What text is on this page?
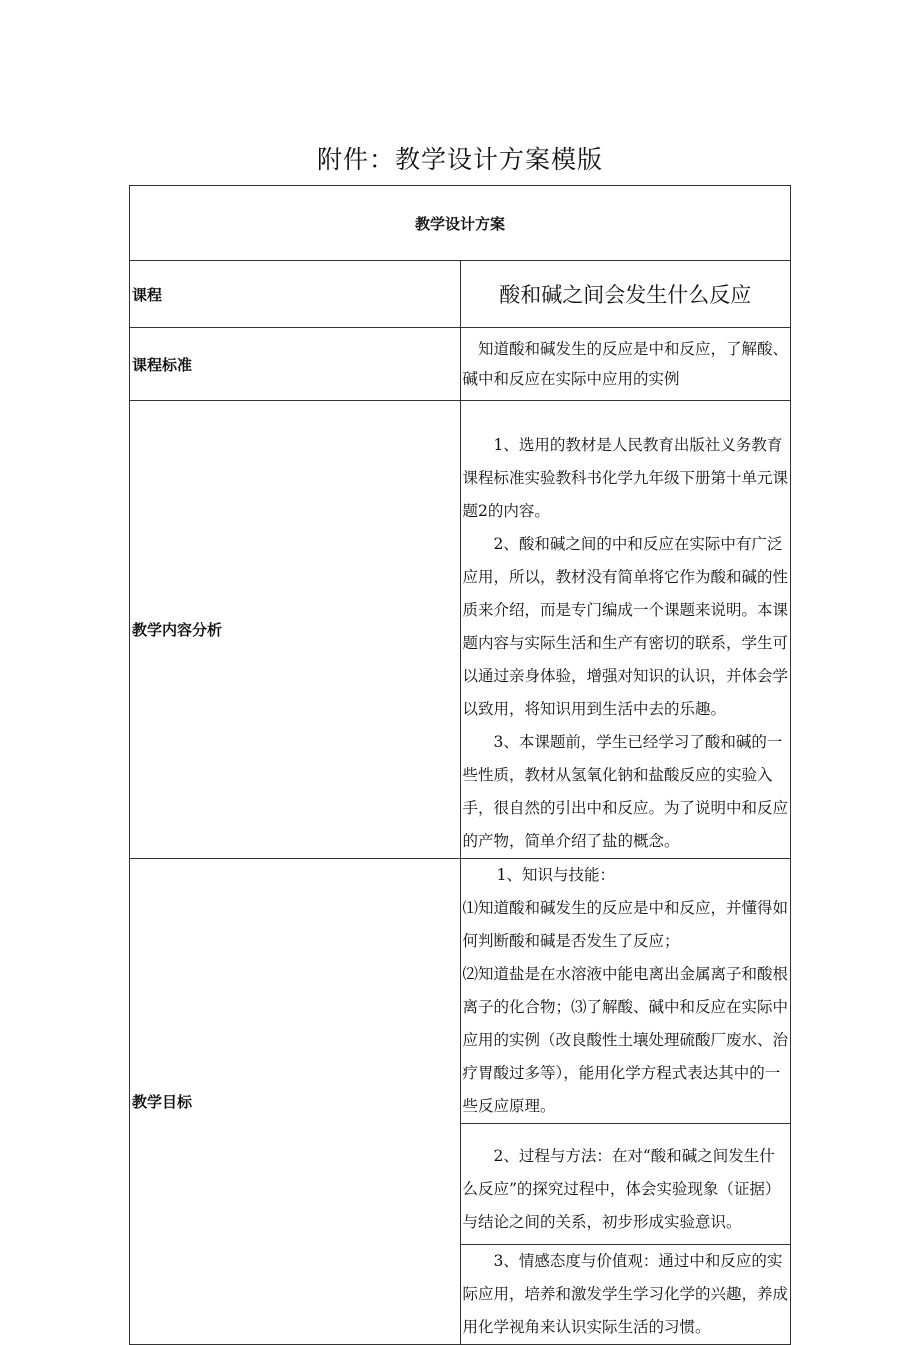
附件：教学设计方案模版
教学设计方案	
课程	酸和碱之间会发生什么反应
课程标准	知道酸和碱发生的反应是中和反应，了解酸、碱中和反应在实际中应用的实例

教学内容分析	1、选用的教材是人民教育出版社义务教育课程标准实验教科书化学九年级下册第十单元课题2的内容。

2、酸和碱之间的中和反应在实际中有广泛应用，所以，教材没有简单将它作为酸和碱的性质来介绍，而是专门编成一个课题来说明。本课题内容与实际生活和生产有密切的联系，学生可以通过亲身体验，增强对知识的认识，并体会学以致用，将知识用到生活中去的乐趣。

3、本课题前，学生已经学习了酸和碱的一些性质，教材从氢氧化钠和盐酸反应的实验入手，很自然的引出中和反应。为了说明中和反应的产物，简单介绍了盐的概念。

教学目标	1、知识与技能：

⑴知道酸和碱发生的反应是中和反应，并懂得如何判断酸和碱是否发生了反应；

⑵知道盐是在水溶液中能电离出金属离子和酸根离子的化合物；⑶了解酸、碱中和反应在实际中应用的实例（改良酸性土壤处理硫酸厂废水、治疗胃酸过多等），能用化学方程式表达其中的一些反应原理。

	2、过程与方法：在对“酸和碱之间发生什么反应”的探究过程中，体会实验现象（证据）与结论之间的关系，初步形成实验意识。

	3、情感态度与价值观：通过中和反应的实际应用，培养和激发学生学习化学的兴趣，养成用化学视角来认识实际生活的习惯。
